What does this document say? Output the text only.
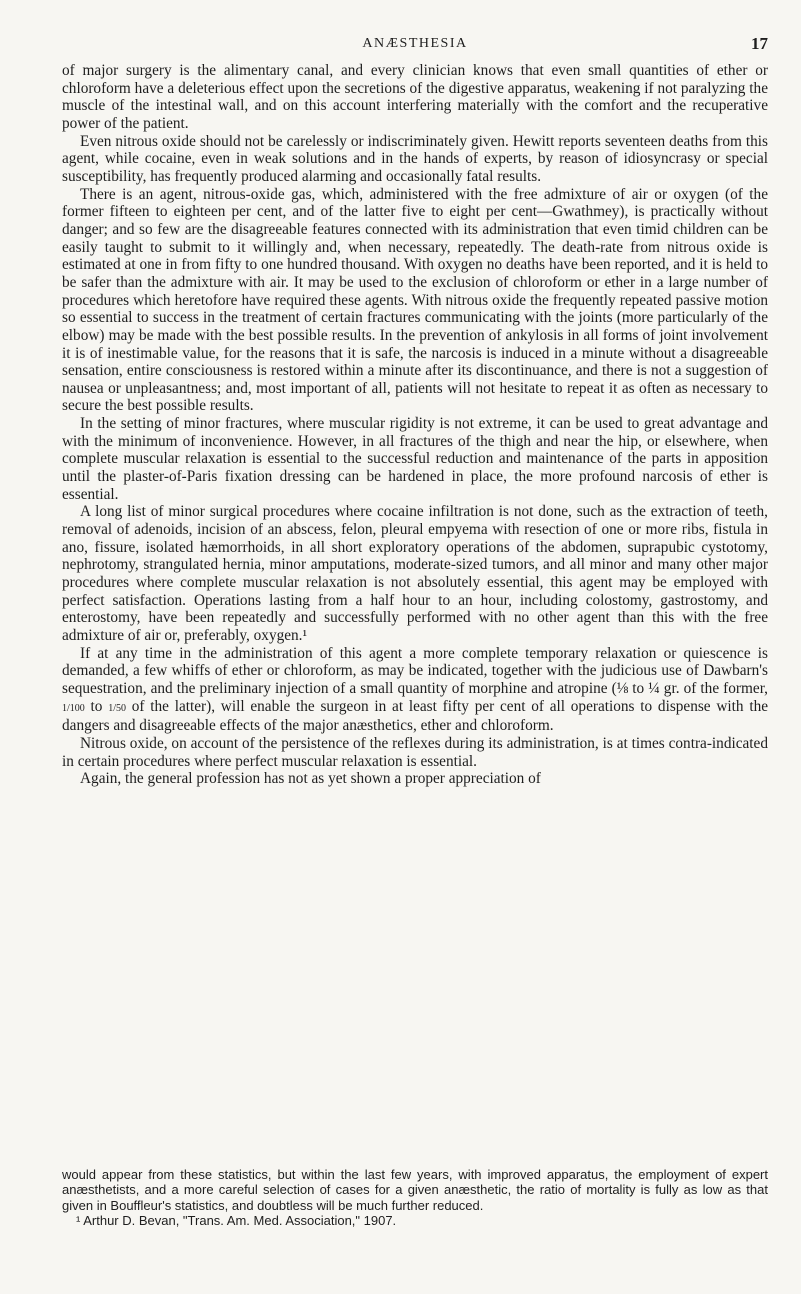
ANÆSTHESIA	17

of major surgery is the alimentary canal, and every clinician knows that even small quantities of ether or chloroform have a deleterious effect upon the secretions of the digestive apparatus, weakening if not paralyzing the muscle of the intestinal wall, and on this account interfering materially with the comfort and the recuperative power of the patient.

Even nitrous oxide should not be carelessly or indiscriminately given. Hewitt reports seventeen deaths from this agent, while cocaine, even in weak solutions and in the hands of experts, by reason of idiosyncrasy or special susceptibility, has frequently produced alarming and occasionally fatal results.

There is an agent, nitrous-oxide gas, which, administered with the free admixture of air or oxygen (of the former fifteen to eighteen per cent, and of the latter five to eight per cent—Gwathmey), is practically without danger; and so few are the disagreeable features connected with its administration that even timid children can be easily taught to submit to it willingly and, when necessary, repeatedly. The death-rate from nitrous oxide is estimated at one in from fifty to one hundred thousand. With oxygen no deaths have been reported, and it is held to be safer than the admixture with air. It may be used to the exclusion of chloroform or ether in a large number of procedures which heretofore have required these agents. With nitrous oxide the frequently repeated passive motion so essential to success in the treatment of certain fractures communicating with the joints (more particularly of the elbow) may be made with the best possible results. In the prevention of ankylosis in all forms of joint involvement it is of inestimable value, for the reasons that it is safe, the narcosis is induced in a minute without a disagreeable sensation, entire consciousness is restored within a minute after its discontinuance, and there is not a suggestion of nausea or unpleasantness; and, most important of all, patients will not hesitate to repeat it as often as necessary to secure the best possible results.

In the setting of minor fractures, where muscular rigidity is not extreme, it can be used to great advantage and with the minimum of inconvenience. However, in all fractures of the thigh and near the hip, or elsewhere, when complete muscular relaxation is essential to the successful reduction and maintenance of the parts in apposition until the plaster-of-Paris fixation dressing can be hardened in place, the more profound narcosis of ether is essential.

A long list of minor surgical procedures where cocaine infiltration is not done, such as the extraction of teeth, removal of adenoids, incision of an abscess, felon, pleural empyema with resection of one or more ribs, fistula in ano, fissure, isolated hæmorrhoids, in all short exploratory operations of the abdomen, suprapubic cystotomy, nephrotomy, strangulated hernia, minor amputations, moderate-sized tumors, and all minor and many other major procedures where complete muscular relaxation is not absolutely essential, this agent may be employed with perfect satisfaction. Operations lasting from a half hour to an hour, including colostomy, gastrostomy, and enterostomy, have been repeatedly and successfully performed with no other agent than this with the free admixture of air or, preferably, oxygen.¹

If at any time in the administration of this agent a more complete temporary relaxation or quiescence is demanded, a few whiffs of ether or chloroform, as may be indicated, together with the judicious use of Dawbarn's sequestration, and the preliminary injection of a small quantity of morphine and atropine (⅛ to ¼ gr. of the former, 1/100 to 1/50 of the latter), will enable the surgeon in at least fifty per cent of all operations to dispense with the dangers and disagreeable effects of the major anæsthetics, ether and chloroform.

Nitrous oxide, on account of the persistence of the reflexes during its administration, is at times contra-indicated in certain procedures where perfect muscular relaxation is essential.

Again, the general profession has not as yet shown a proper appreciation of

would appear from these statistics, but within the last few years, with improved apparatus, the employment of expert anæsthetists, and a more careful selection of cases for a given anæsthetic, the ratio of mortality is fully as low as that given in Bouffleur's statistics, and doubtless will be much further reduced.

¹ Arthur D. Bevan, "Trans. Am. Med. Association," 1907.
